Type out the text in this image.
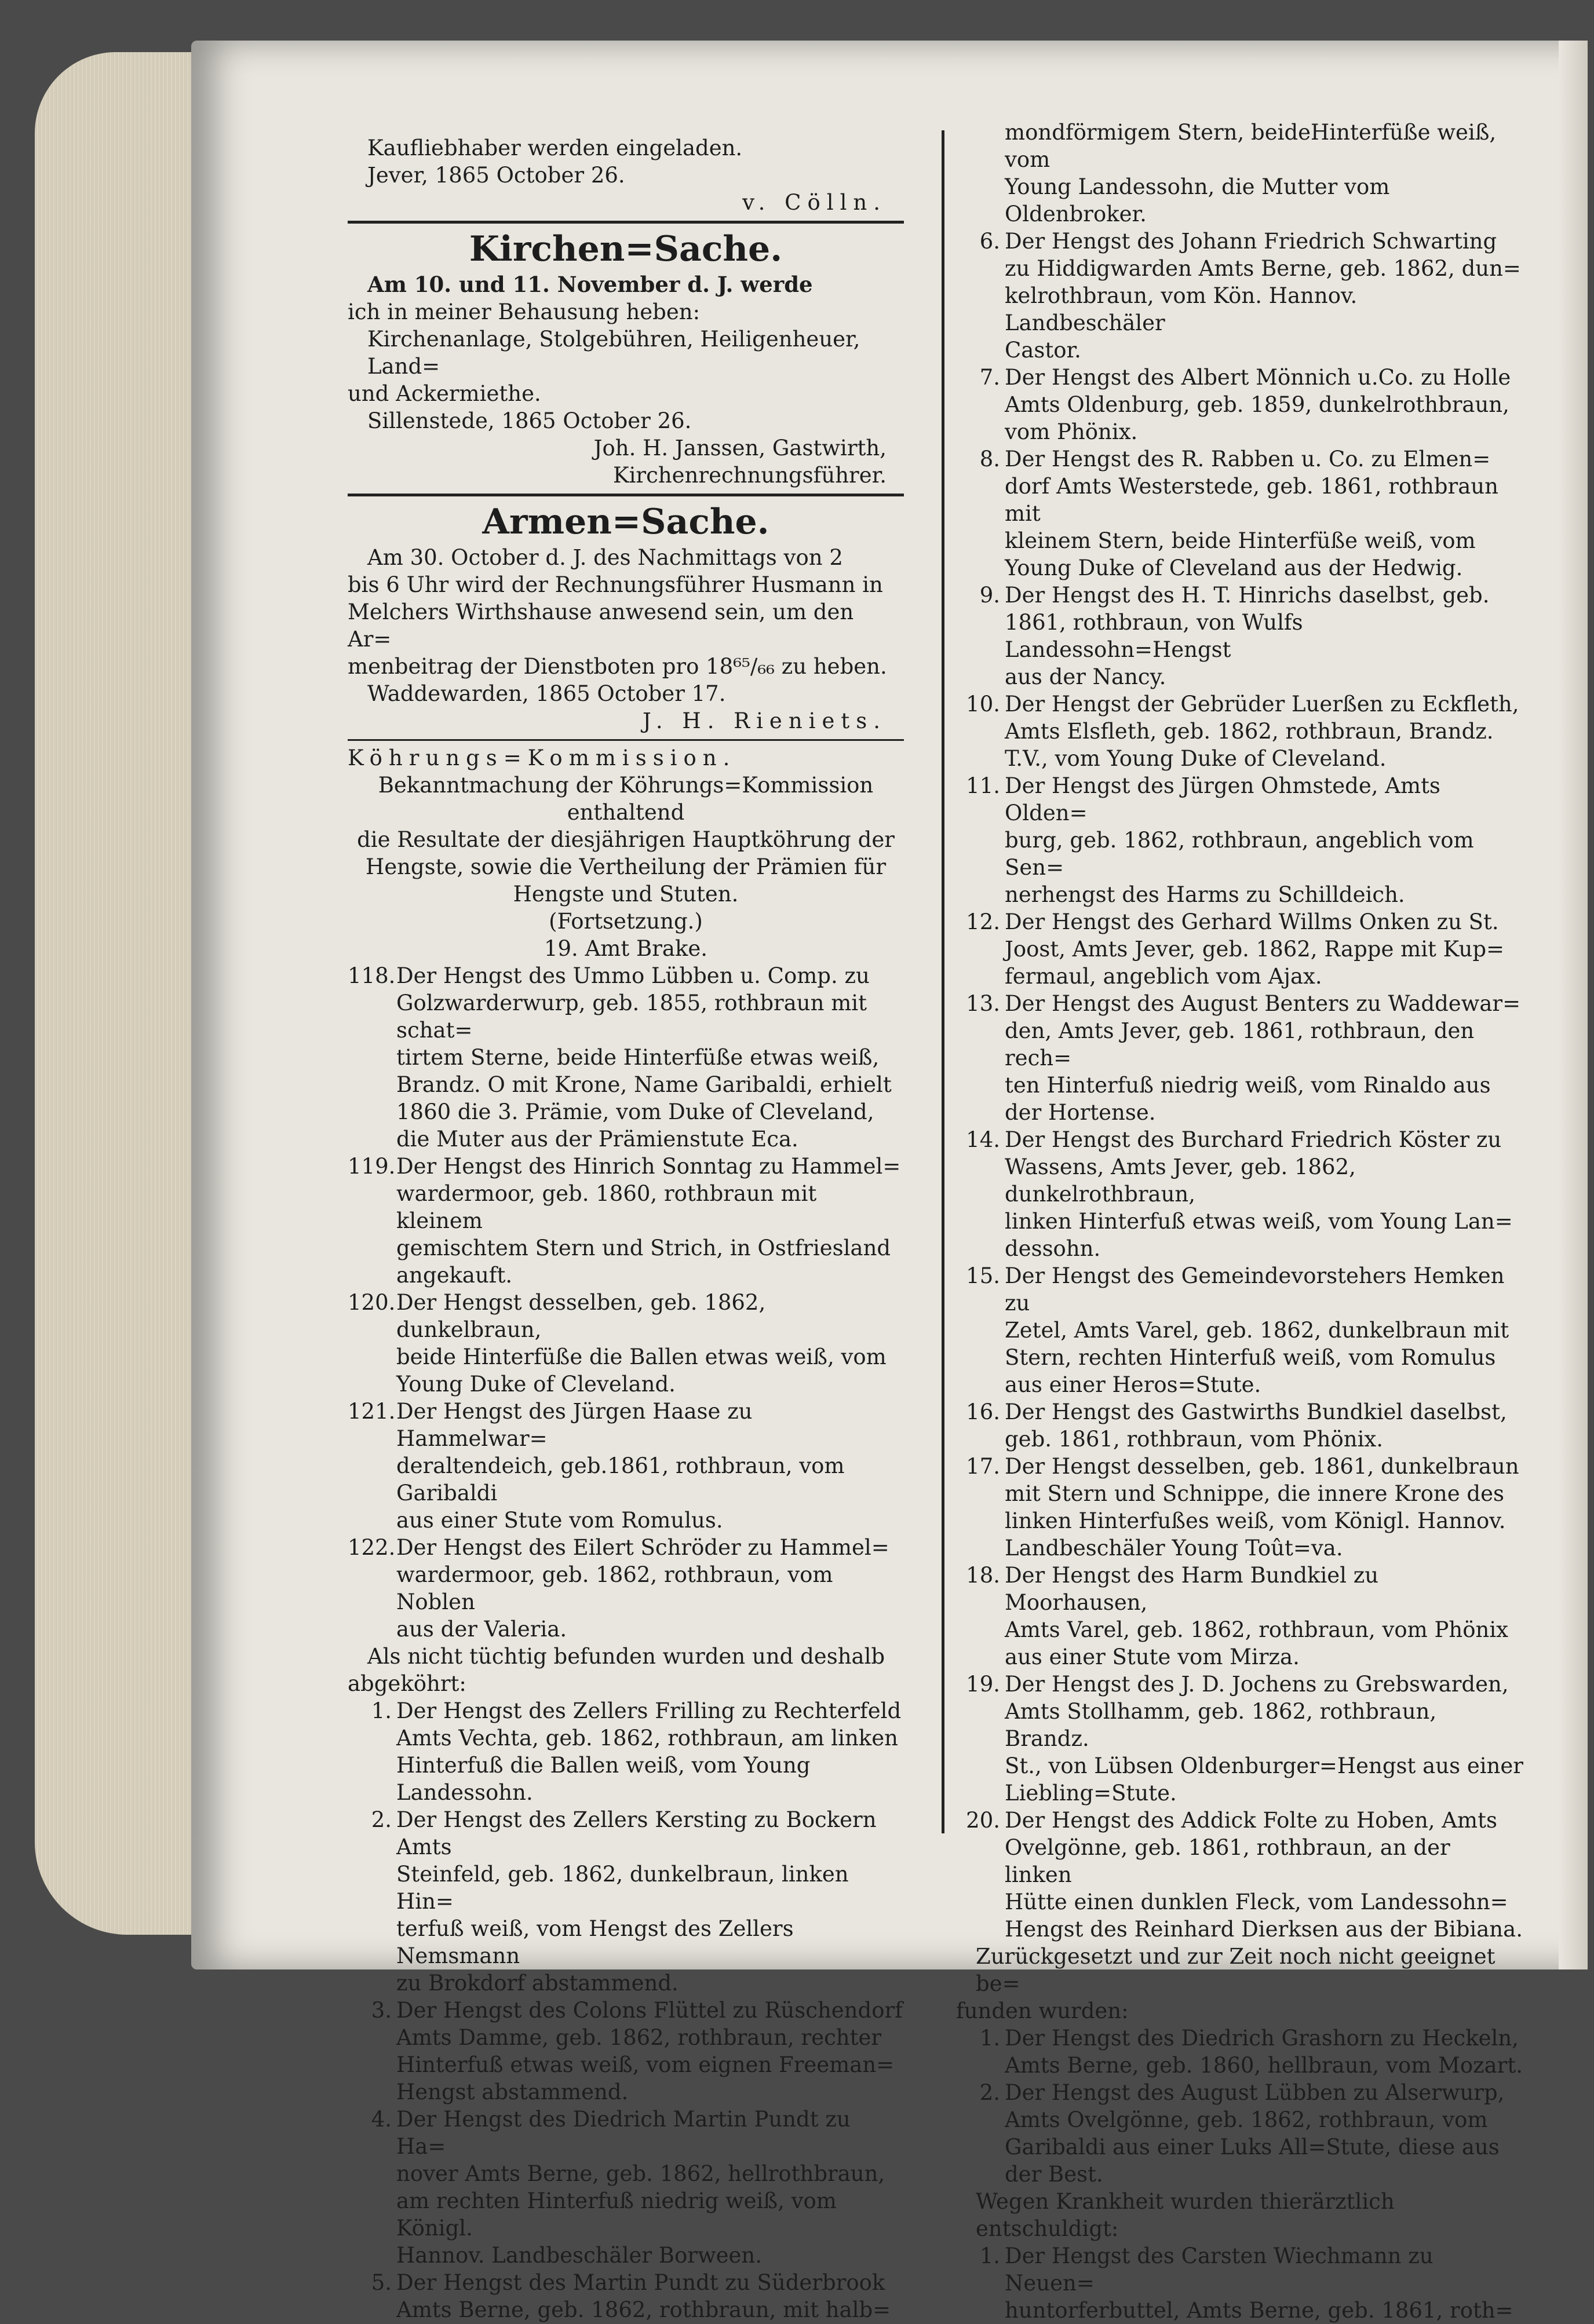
Kaufliebhaber werden eingeladen.

Jever, 1865 October 26.

v. Cölln.

Kirchen=Sache.

Am 10. und 11. November d. J. werde

ich in meiner Behausung heben:

Kirchenanlage, Stolgebühren, Heiligenheuer, Land=

und Ackermiethe.

Sillenstede, 1865 October 26.

Joh. H. Janssen, Gastwirth,

Kirchenrechnungsführer.

Armen=Sache.

Am 30. October d. J. des Nachmittags von 2

bis 6 Uhr wird der Rechnungsführer Husmann in

Melchers Wirthshause anwesend sein, um den Ar=

menbeitrag der Dienstboten pro 18⁶⁵/₆₆ zu heben.

Waddewarden, 1865 October 17.

J. H. Rieniets.

Köhrungs=Kommission.

Bekanntmachung der Köhrungs=Kommission

enthaltend

die Resultate der diesjährigen Hauptköhrung der

Hengste, sowie die Vertheilung der Prämien für

Hengste und Stuten.

(Fortsetzung.)

19. Amt Brake.

118. Der Hengst des Ummo Lübben u. Comp. zu

Golzwarderwurp, geb. 1855, rothbraun mit schat=

tirtem Sterne, beide Hinterfüße etwas weiß,

Brandz. O mit Krone, Name Garibaldi, erhielt

1860 die 3. Prämie, vom Duke of Cleveland,

die Muter aus der Prämienstute Eca.

119. Der Hengst des Hinrich Sonntag zu Hammel=

wardermoor, geb. 1860, rothbraun mit kleinem

gemischtem Stern und Strich, in Ostfriesland

angekauft.

120. Der Hengst desselben, geb. 1862, dunkelbraun,

beide Hinterfüße die Ballen etwas weiß, vom

Young Duke of Cleveland.

121. Der Hengst des Jürgen Haase zu Hammelwar=

deraltendeich, geb.1861, rothbraun, vom Garibaldi

aus einer Stute vom Romulus.

122. Der Hengst des Eilert Schröder zu Hammel=

wardermoor, geb. 1862, rothbraun, vom Noblen

aus der Valeria.

Als nicht tüchtig befunden wurden und deshalb

abgeköhrt:

1. Der Hengst des Zellers Frilling zu Rechterfeld

Amts Vechta, geb. 1862, rothbraun, am linken

Hinterfuß die Ballen weiß, vom Young Landessohn.

2. Der Hengst des Zellers Kersting zu Bockern Amts

Steinfeld, geb. 1862, dunkelbraun, linken Hin=

terfuß weiß, vom Hengst des Zellers Nemsmann

zu Brokdorf abstammend.

3. Der Hengst des Colons Flüttel zu Rüschendorf

Amts Damme, geb. 1862, rothbraun, rechter

Hinterfuß etwas weiß, vom eignen Freeman=

Hengst abstammend.

4. Der Hengst des Diedrich Martin Pundt zu Ha=

nover Amts Berne, geb. 1862, hellrothbraun,

am rechten Hinterfuß niedrig weiß, vom Königl.

Hannov. Landbeschäler Borween.

5. Der Hengst des Martin Pundt zu Süderbrook

Amts Berne, geb. 1862, rothbraun, mit halb=

mondförmigem Stern, beideHinterfüße weiß, vom

Young Landessohn, die Mutter vom Oldenbroker.

6. Der Hengst des Johann Friedrich Schwarting

zu Hiddigwarden Amts Berne, geb. 1862, dun=

kelrothbraun, vom Kön. Hannov. Landbeschäler

Castor.

7. Der Hengst des Albert Mönnich u.Co. zu Holle

Amts Oldenburg, geb. 1859, dunkelrothbraun,

vom Phönix.

8. Der Hengst des R. Rabben u. Co. zu Elmen=

dorf Amts Westerstede, geb. 1861, rothbraun mit

kleinem Stern, beide Hinterfüße weiß, vom

Young Duke of Cleveland aus der Hedwig.

9. Der Hengst des H. T. Hinrichs daselbst, geb.

1861, rothbraun, von Wulfs Landessohn=Hengst

aus der Nancy.

10. Der Hengst der Gebrüder Luerßen zu Eckfleth,

Amts Elsfleth, geb. 1862, rothbraun, Brandz.

T.V., vom Young Duke of Cleveland.

11. Der Hengst des Jürgen Ohmstede, Amts Olden=

burg, geb. 1862, rothbraun, angeblich vom Sen=

nerhengst des Harms zu Schilldeich.

12. Der Hengst des Gerhard Willms Onken zu St.

Joost, Amts Jever, geb. 1862, Rappe mit Kup=

fermaul, angeblich vom Ajax.

13. Der Hengst des August Benters zu Waddewar=

den, Amts Jever, geb. 1861, rothbraun, den rech=

ten Hinterfuß niedrig weiß, vom Rinaldo aus

der Hortense.

14. Der Hengst des Burchard Friedrich Köster zu

Wassens, Amts Jever, geb. 1862, dunkelrothbraun,

linken Hinterfuß etwas weiß, vom Young Lan=

dessohn.

15. Der Hengst des Gemeindevorstehers Hemken zu

Zetel, Amts Varel, geb. 1862, dunkelbraun mit

Stern, rechten Hinterfuß weiß, vom Romulus

aus einer Heros=Stute.

16. Der Hengst des Gastwirths Bundkiel daselbst,

geb. 1861, rothbraun, vom Phönix.

17. Der Hengst desselben, geb. 1861, dunkelbraun

mit Stern und Schnippe, die innere Krone des

linken Hinterfußes weiß, vom Königl. Hannov.

Landbeschäler Young Toût=va.

18. Der Hengst des Harm Bundkiel zu Moorhausen,

Amts Varel, geb. 1862, rothbraun, vom Phönix

aus einer Stute vom Mirza.

19. Der Hengst des J. D. Jochens zu Grebswarden,

Amts Stollhamm, geb. 1862, rothbraun, Brandz.

St., von Lübsen Oldenburger=Hengst aus einer

Liebling=Stute.

20. Der Hengst des Addick Folte zu Hoben, Amts

Ovelgönne, geb. 1861, rothbraun, an der linken

Hütte einen dunklen Fleck, vom Landessohn=

Hengst des Reinhard Dierksen aus der Bibiana.

Zurückgesetzt und zur Zeit noch nicht geeignet be=

funden wurden:

1. Der Hengst des Diedrich Grashorn zu Heckeln,

Amts Berne, geb. 1860, hellbraun, vom Mozart.

2. Der Hengst des August Lübben zu Alserwurp,

Amts Ovelgönne, geb. 1862, rothbraun, vom

Garibaldi aus einer Luks All=Stute, diese aus

der Best.

Wegen Krankheit wurden thierärztlich entschuldigt:

1. Der Hengst des Carsten Wiechmann zu Neuen=

huntorferbuttel, Amts Berne, geb. 1861, roth=
